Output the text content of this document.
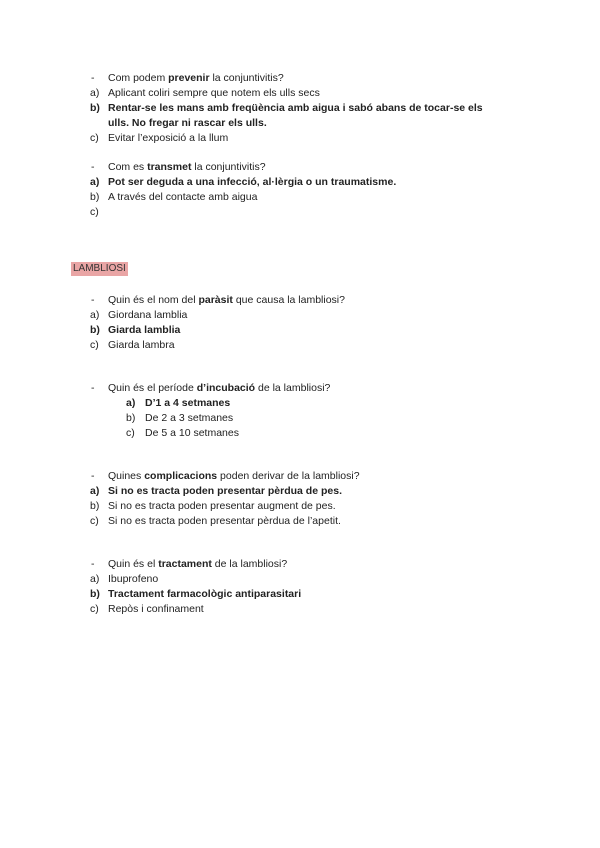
-	Com podem prevenir la conjuntivitis?
a) Aplicant coliri sempre que notem els ulls secs
b) Rentar-se les mans amb freqüència amb aigua i sabó abans de tocar-se els
ulls. No fregar ni rascar els ulls.
c) Evitar l’exposició a la llum
-	Com es transmet la conjuntivitis?
a) Pot ser deguda a una infecció, al·lèrgia o un traumatisme.
b) A través del contacte amb aigua
c)
LAMBLIOSI
-	Quin és el nom del paràsit que causa la lambliosi?
a) Giordana lamblia
b) Giarda lamblia
c) Giarda lambra
-	Quin és el període d’incubació de la lambliosi?
a) D’1 a 4 setmanes
b) De 2 a 3 setmanes
c) De 5 a 10 setmanes
-	Quines complicacions poden derivar de la lambliosi?
a) Si no es tracta poden presentar pèrdua de pes.
b) Si no es tracta poden presentar augment de pes.
c) Si no es tracta poden presentar pèrdua de l’apetit.
-	Quin és el tractament de la lambliosi?
a) Ibuprofeno
b) Tractament farmacològic antiparasitari
c) Repòs i confinament
